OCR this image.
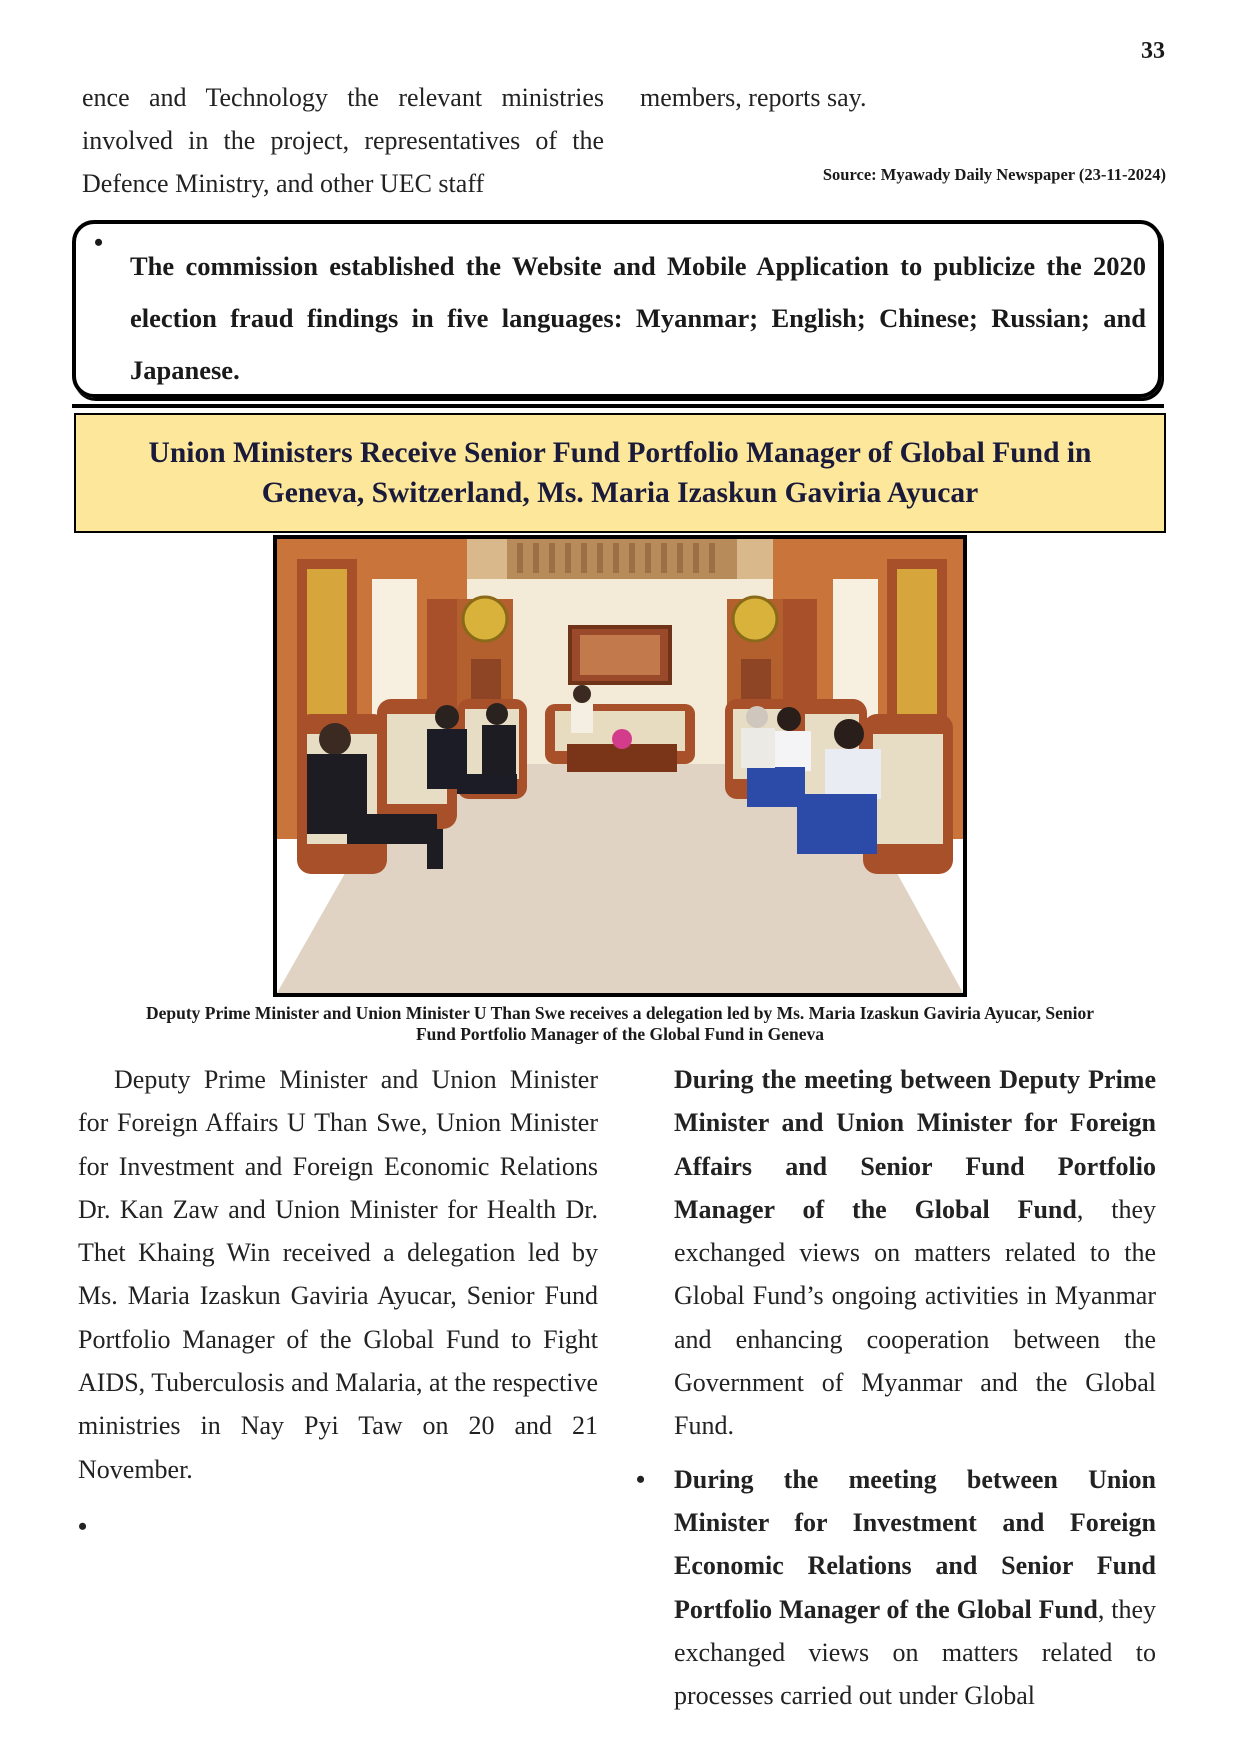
33
ence and Technology the relevant ministries involved in the project, representatives of the Defence Ministry, and other UEC staff
members, reports say.
Source: Myawady Daily Newspaper (23-11-2024)
•
The commission established the Website and Mobile Application to publicize the 2020 election fraud findings in five languages: Myanmar; English; Chinese; Russian; and Japanese.
Union Ministers Receive Senior Fund Portfolio Manager of Global Fund in Geneva, Switzerland, Ms. Maria Izaskun Gaviria Ayucar
Deputy Prime Minister and Union Minister U Than Swe receives a delegation led by Ms. Maria Izaskun Gaviria Ayucar, Senior Fund Portfolio Manager of the Global Fund in Geneva

Deputy Prime Minister and Union Minister for Foreign Affairs U Than Swe, Union Minister for Investment and Foreign Economic Relations Dr. Kan Zaw and Union Minister for Health Dr. Thet Khaing Win received a delegation led by Ms. Maria Izaskun Gaviria Ayucar, Senior Fund Portfolio Manager of the Global Fund to Fight AIDS, Tuberculosis and Malaria, at the respective ministries in Nay Pyi Taw on 20 and 21 November.

•

During the meeting between Deputy Prime Minister and Union Minister for Foreign Affairs and Senior Fund Portfolio Manager of the Global Fund, they exchanged views on matters related to the Global Fund’s ongoing activities in Myanmar and enhancing cooperation between the Government of Myanmar and the Global Fund.

• During the meeting between Union Minister for Investment and Foreign Economic Relations and Senior Fund Portfolio Manager of the Global Fund, they exchanged views on matters related to processes carried out under Global
